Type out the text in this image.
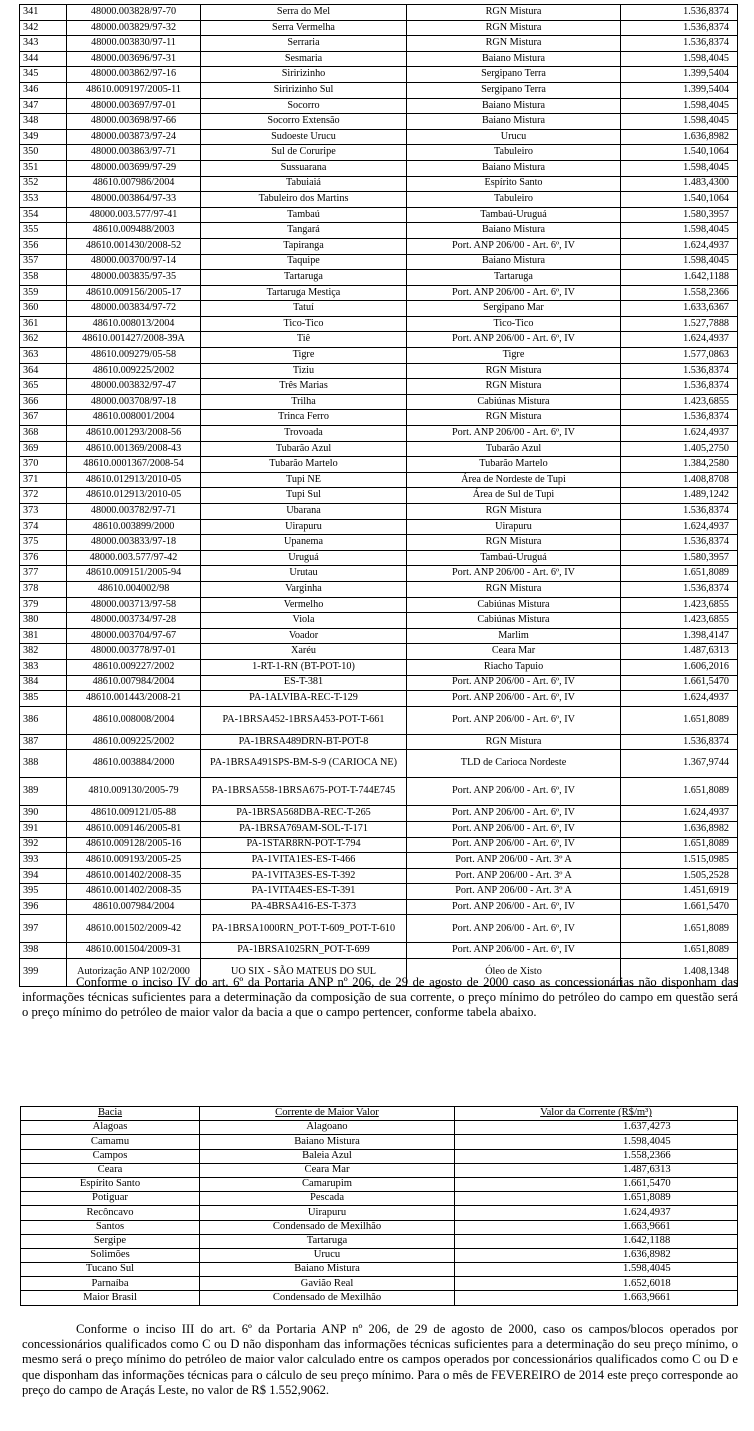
341	48000.003828/97-70	Serra do Mel	RGN Mistura	1.536,8374
342	48000.003829/97-32	Serra Vermelha	RGN Mistura	1.536,8374
343	48000.003830/97-11	Serraria	RGN Mistura	1.536,8374
344	48000.003696/97-31	Sesmaria	Baiano Mistura	1.598,4045
345	48000.003862/97-16	Siririzinho	Sergipano Terra	1.399,5404
346	48610.009197/2005-11	Siririzinho Sul	Sergipano Terra	1.399,5404
347	48000.003697/97-01	Socorro	Baiano Mistura	1.598,4045
348	48000.003698/97-66	Socorro Extensão	Baiano Mistura	1.598,4045
349	48000.003873/97-24	Sudoeste Urucu	Urucu	1.636,8982
350	48000.003863/97-71	Sul de Coruripe	Tabuleiro	1.540,1064
351	48000.003699/97-29	Sussuarana	Baiano Mistura	1.598,4045
352	48610.007986/2004	Tabuiaiá	Espírito Santo	1.483,4300
353	48000.003864/97-33	Tabuleiro dos Martins	Tabuleiro	1.540,1064
354	48000.003.577/97-41	Tambaú	Tambaú-Uruguá	1.580,3957
355	48610.009488/2003	Tangará	Baiano Mistura	1.598,4045
356	48610.001430/2008-52	Tapiranga	Port. ANP 206/00 - Art. 6º, IV	1.624,4937
357	48000.003700/97-14	Taquipe	Baiano Mistura	1.598,4045
358	48000.003835/97-35	Tartaruga	Tartaruga	1.642,1188
359	48610.009156/2005-17	Tartaruga Mestiça	Port. ANP 206/00 - Art. 6º, IV	1.558,2366
360	48000.003834/97-72	Tatuí	Sergipano Mar	1.633,6367
361	48610.008013/2004	Tico-Tico	Tico-Tico	1.527,7888
362	48610.001427/2008-39A	Tiê	Port. ANP 206/00 - Art. 6º, IV	1.624,4937
363	48610.009279/05-58	Tigre	Tigre	1.577,0863
364	48610.009225/2002	Tiziu	RGN Mistura	1.536,8374
365	48000.003832/97-47	Três Marias	RGN Mistura	1.536,8374
366	48000.003708/97-18	Trilha	Cabiúnas Mistura	1.423,6855
367	48610.008001/2004	Trinca Ferro	RGN Mistura	1.536,8374
368	48610.001293/2008-56	Trovoada	Port. ANP 206/00 - Art. 6º, IV	1.624,4937
369	48610.001369/2008-43	Tubarão Azul	Tubarão Azul	1.405,2750
370	48610.0001367/2008-54	Tubarão Martelo	Tubarão Martelo	1.384,2580
371	48610.012913/2010-05	Tupi NE	Área de Nordeste de Tupi	1.408,8708
372	48610.012913/2010-05	Tupi Sul	Área de Sul de Tupi	1.489,1242
373	48000.003782/97-71	Ubarana	RGN Mistura	1.536,8374
374	48610.003899/2000	Uirapuru	Uirapuru	1.624,4937
375	48000.003833/97-18	Upanema	RGN Mistura	1.536,8374
376	48000.003.577/97-42	Uruguá	Tambaú-Uruguá	1.580,3957
377	48610.009151/2005-94	Urutau	Port. ANP 206/00 - Art. 6º, IV	1.651,8089
378	48610.004002/98	Varginha	RGN Mistura	1.536,8374
379	48000.003713/97-58	Vermelho	Cabiúnas Mistura	1.423,6855
380	48000.003734/97-28	Viola	Cabiúnas Mistura	1.423,6855
381	48000.003704/97-67	Voador	Marlim	1.398,4147
382	48000.003778/97-01	Xaréu	Ceara Mar	1.487,6313
383	48610.009227/2002	1-RT-1-RN (BT-POT-10)	Riacho Tapuio	1.606,2016
384	48610.007984/2004	ES-T-381	Port. ANP 206/00 - Art. 6º, IV	1.661,5470
385	48610.001443/2008-21	PA-1ALVIBA-REC-T-129	Port. ANP 206/00 - Art. 6º, IV	1.624,4937
386	48610.008008/2004	PA-1BRSA452-1BRSA453-POT-T-661	Port. ANP 206/00 - Art. 6º, IV	1.651,8089
387	48610.009225/2002	PA-1BRSA489DRN-BT-POT-8	RGN Mistura	1.536,8374
388	48610.003884/2000	PA-1BRSA491SPS-BM-S-9 (CARIOCA NE)	TLD de Carioca Nordeste	1.367,9744
389	4810.009130/2005-79	PA-1BRSA558-1BRSA675-POT-T-744E745	Port. ANP 206/00 - Art. 6º, IV	1.651,8089
390	48610.009121/05-88	PA-1BRSA568DBA-REC-T-265	Port. ANP 206/00 - Art. 6º, IV	1.624,4937
391	48610.009146/2005-81	PA-1BRSA769AM-SOL-T-171	Port. ANP 206/00 - Art. 6º, IV	1.636,8982
392	48610.009128/2005-16	PA-1STAR8RN-POT-T-794	Port. ANP 206/00 - Art. 6º, IV	1.651,8089
393	48610.009193/2005-25	PA-1VITA1ES-ES-T-466	Port. ANP 206/00 - Art. 3º A	1.515,0985
394	48610.001402/2008-35	PA-1VITA3ES-ES-T-392	Port. ANP 206/00 - Art. 3º A	1.505,2528
395	48610.001402/2008-35	PA-1VITA4ES-ES-T-391	Port. ANP 206/00 - Art. 3º A	1.451,6919
396	48610.007984/2004	PA-4BRSA416-ES-T-373	Port. ANP 206/00 - Art. 6º, IV	1.661,5470
397	48610.001502/2009-42	PA-1BRSA1000RN_POT-T-609_POT-T-610	Port. ANP 206/00 - Art. 6º, IV	1.651,8089
398	48610.001504/2009-31	PA-1BRSA1025RN_POT-T-699	Port. ANP 206/00 - Art. 6º, IV	1.651,8089
399	Autorização ANP 102/2000	UO SIX - SÃO MATEUS DO SUL	Óleo de Xisto	1.408,1348

Conforme o inciso IV do art. 6º da Portaria ANP nº 206, de 29 de agosto de 2000 caso as concessionárias não disponham das informações técnicas suficientes para a determinação da composição de sua corrente, o preço mínimo do petróleo do campo em questão será o preço mínimo do petróleo de maior valor da bacia a que o campo pertencer, conforme tabela abaixo.

Bacia	Corrente de Maior Valor	Valor da Corrente (R$/m³)
Alagoas	Alagoano	1.637,4273
Camamu	Baiano Mistura	1.598,4045
Campos	Baleia Azul	1.558,2366
Ceara	Ceara Mar	1.487,6313
Espírito Santo	Camarupim	1.661,5470
Potiguar	Pescada	1.651,8089
Recôncavo	Uirapuru	1.624,4937
Santos	Condensado de Mexilhão	1.663,9661
Sergipe	Tartaruga	1.642,1188
Solimões	Urucu	1.636,8982
Tucano Sul	Baiano Mistura	1.598,4045
Parnaíba	Gavião Real	1.652,6018
Maior Brasil	Condensado de Mexilhão	1.663,9661

Conforme o inciso III do art. 6º da Portaria ANP nº 206, de 29 de agosto de 2000, caso os campos/blocos operados por concessionários qualificados como C ou D não disponham das informações técnicas suficientes para a determinação do seu preço mínimo, o mesmo será o preço mínimo do petróleo de maior valor calculado entre os campos operados por concessionários qualificados como C ou D e que disponham das informações técnicas para o cálculo de seu preço mínimo. Para o mês de FEVEREIRO de 2014 este preço corresponde ao preço do campo de Araçás Leste, no valor de R$ 1.552,9062.
